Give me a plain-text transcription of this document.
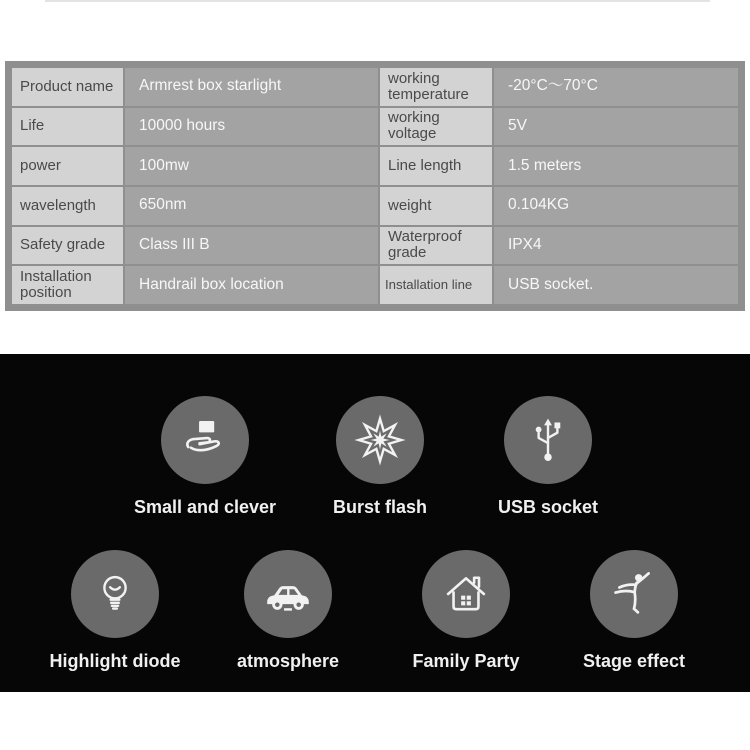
Product name	Armrest box starlight	working temperature	-20°C～70°C
Life	10000 hours	working voltage	5V
power	100mw	Line length	1.5 meters
wavelength	650nm	weight	0.104KG
Safety grade	Class III B	Waterproof grade	IPX4
Installation position	Handrail box location	Installation line	USB socket.
Small and clever	Burst flash	USB socket
Highlight diode	atmosphere	Family Party	Stage effect
